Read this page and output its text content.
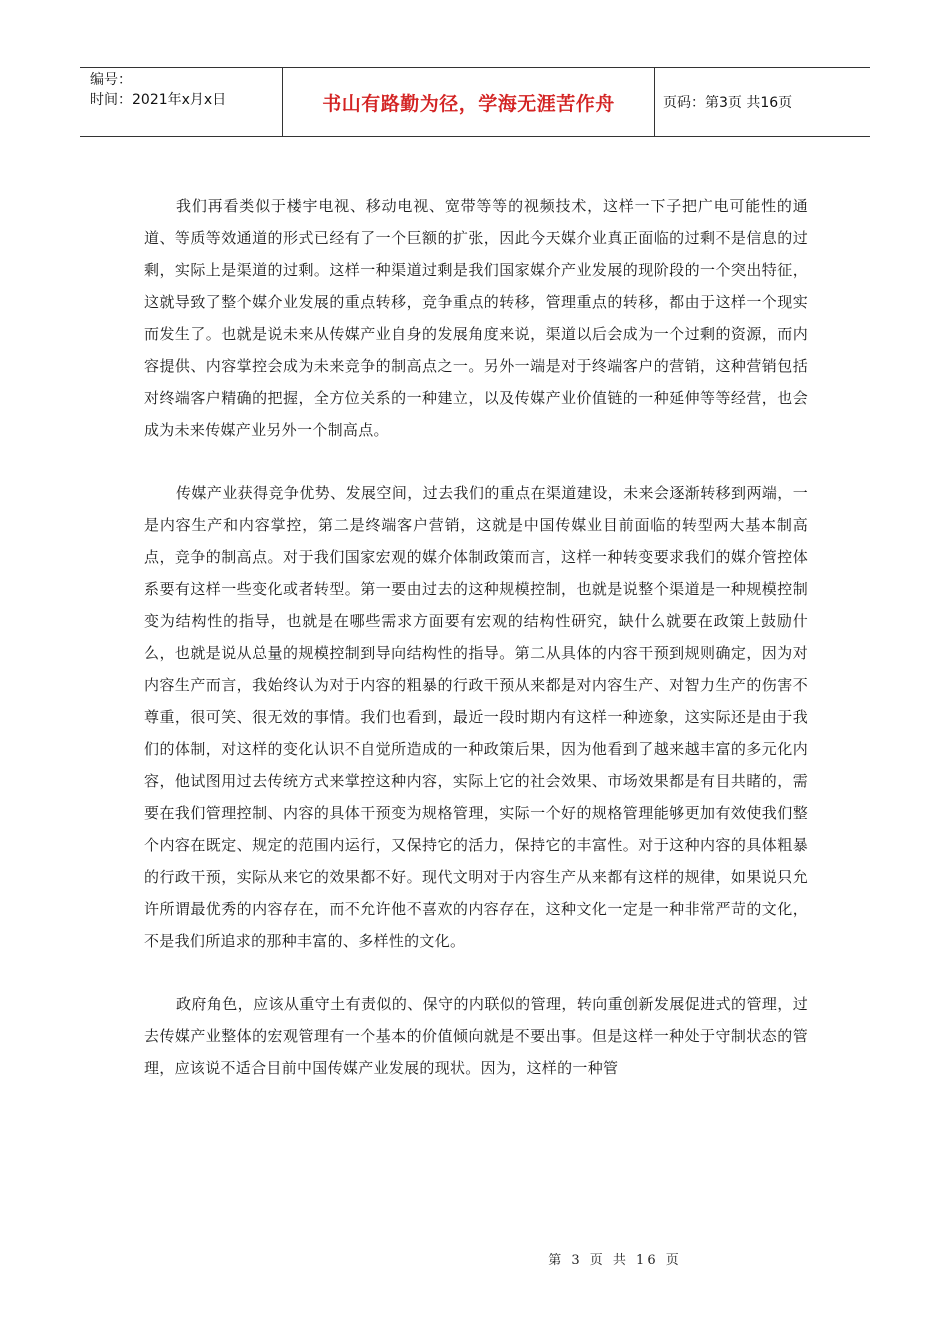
编号：
时间：2021年x月x日	书山有路勤为径，学海无涯苦作舟	页码：第3页 共16页

我们再看类似于楼宇电视、移动电视、宽带等等的视频技术，这样一下子把广电可能性的通道、等质等效通道的形式已经有了一个巨额的扩张，因此今天媒介业真正面临的过剩不是信息的过剩，实际上是渠道的过剩。这样一种渠道过剩是我们国家媒介产业发展的现阶段的一个突出特征，这就导致了整个媒介业发展的重点转移，竞争重点的转移，管理重点的转移，都由于这样一个现实而发生了。也就是说未来从传媒产业自身的发展角度来说，渠道以后会成为一个过剩的资源，而内容提供、内容掌控会成为未来竞争的制高点之一。另外一端是对于终端客户的营销，这种营销包括对终端客户精确的把握，全方位关系的一种建立，以及传媒产业价值链的一种延伸等等经营，也会成为未来传媒产业另外一个制高点。

传媒产业获得竞争优势、发展空间，过去我们的重点在渠道建设，未来会逐渐转移到两端，一是内容生产和内容掌控，第二是终端客户营销，这就是中国传媒业目前面临的转型两大基本制高点，竞争的制高点。对于我们国家宏观的媒介体制政策而言，这样一种转变要求我们的媒介管控体系要有这样一些变化或者转型。第一要由过去的这种规模控制，也就是说整个渠道是一种规模控制变为结构性的指导，也就是在哪些需求方面要有宏观的结构性研究，缺什么就要在政策上鼓励什么，也就是说从总量的规模控制到导向结构性的指导。第二从具体的内容干预到规则确定，因为对内容生产而言，我始终认为对于内容的粗暴的行政干预从来都是对内容生产、对智力生产的伤害不尊重，很可笑、很无效的事情。我们也看到，最近一段时期内有这样一种迹象，这实际还是由于我们的体制，对这样的变化认识不自觉所造成的一种政策后果，因为他看到了越来越丰富的多元化内容，他试图用过去传统方式来掌控这种内容，实际上它的社会效果、市场效果都是有目共睹的，需要在我们管理控制、内容的具体干预变为规格管理，实际一个好的规格管理能够更加有效使我们整个内容在既定、规定的范围内运行，又保持它的活力，保持它的丰富性。对于这种内容的具体粗暴的行政干预，实际从来它的效果都不好。现代文明对于内容生产从来都有这样的规律，如果说只允许所谓最优秀的内容存在，而不允许他不喜欢的内容存在，这种文化一定是一种非常严苛的文化，不是我们所追求的那种丰富的、多样性的文化。

政府角色，应该从重守土有责似的、保守的内联似的管理，转向重创新发展促进式的管理，过去传媒产业整体的宏观管理有一个基本的价值倾向就是不要出事。但是这样一种处于守制状态的管理，应该说不适合目前中国传媒产业发展的现状。因为，这样的一种管

第 3 页 共 16 页
